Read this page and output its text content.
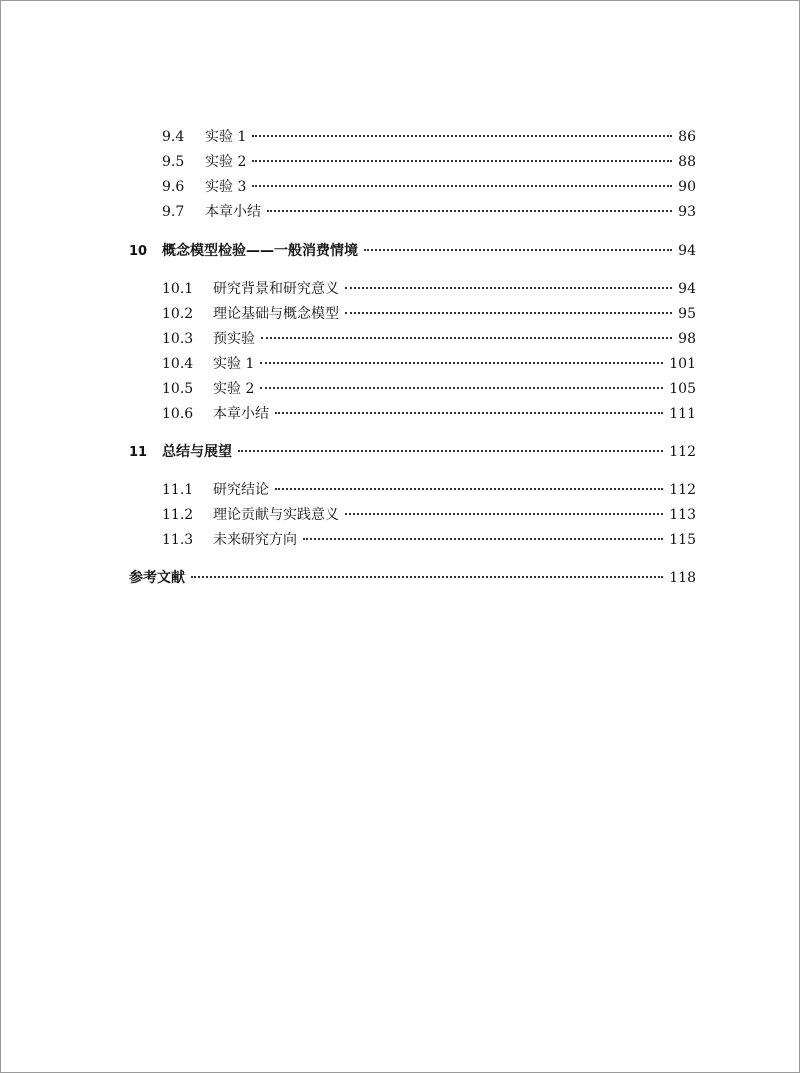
9.4	实验 1	86
9.5	实验 2	88
9.6	实验 3	90
9.7	本章小结	93
10	概念模型检验——一般消费情境	94
10.1	研究背景和研究意义	94
10.2	理论基础与概念模型	95
10.3	预实验	98
10.4	实验 1	101
10.5	实验 2	105
10.6	本章小结	111
11	总结与展望	112
11.1	研究结论	112
11.2	理论贡献与实践意义	113
11.3	未来研究方向	115
参考文献	118
